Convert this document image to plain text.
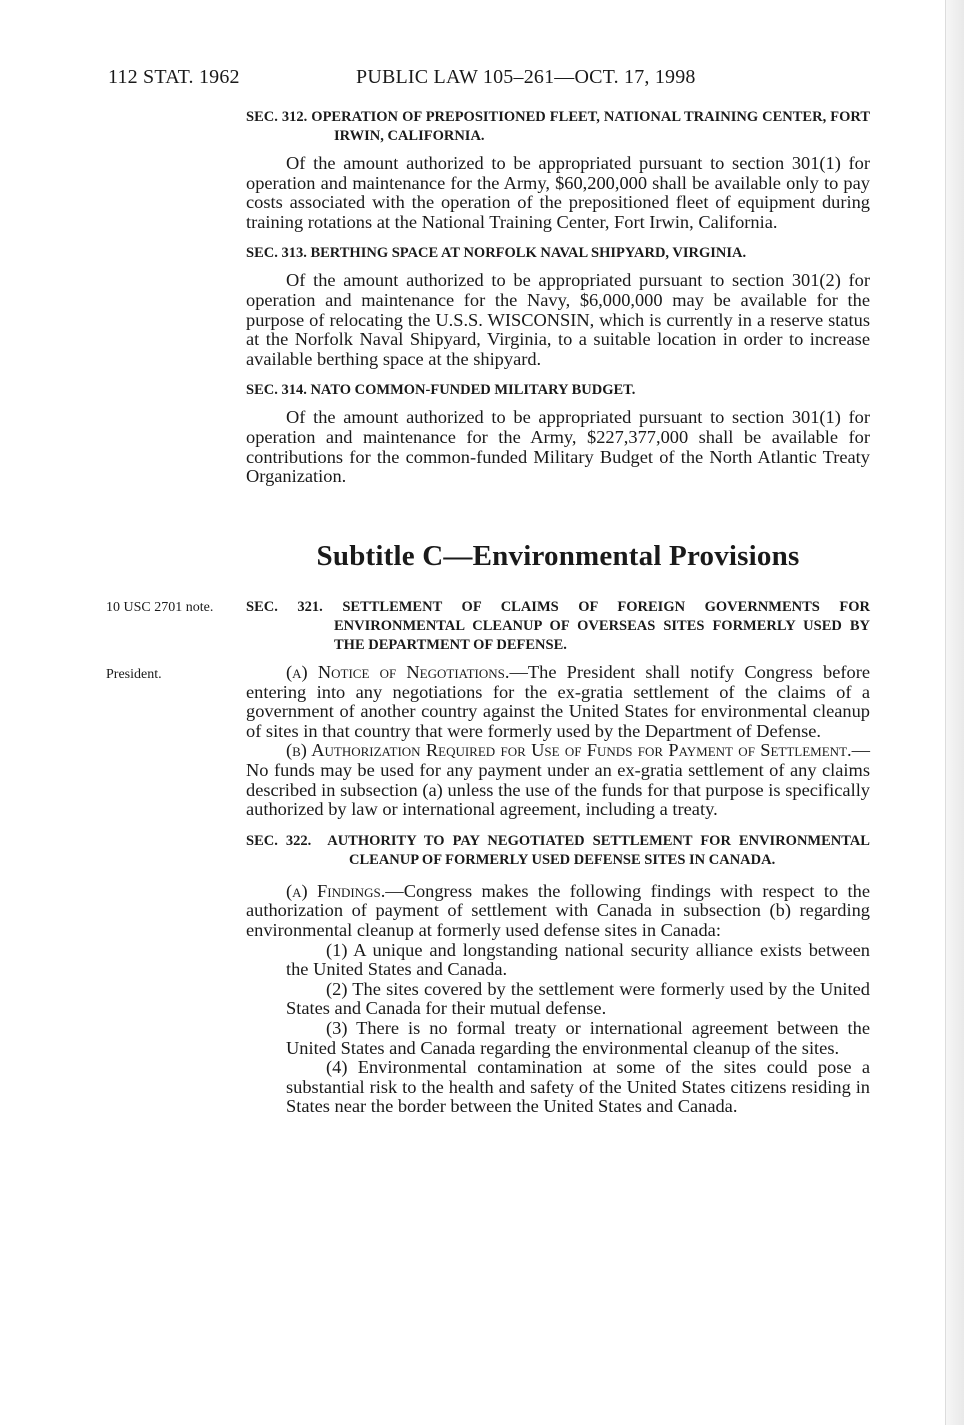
112 STAT. 1962	PUBLIC LAW 105–261—OCT. 17, 1998

SEC. 312. OPERATION OF PREPOSITIONED FLEET, NATIONAL TRAINING CENTER, FORT IRWIN, CALIFORNIA.

Of the amount authorized to be appropriated pursuant to section 301(1) for operation and maintenance for the Army, $60,200,000 shall be available only to pay costs associated with the operation of the prepositioned fleet of equipment during training rotations at the National Training Center, Fort Irwin, California.

SEC. 313. BERTHING SPACE AT NORFOLK NAVAL SHIPYARD, VIRGINIA.

Of the amount authorized to be appropriated pursuant to section 301(2) for operation and maintenance for the Navy, $6,000,000 may be available for the purpose of relocating the U.S.S. WISCONSIN, which is currently in a reserve status at the Norfolk Naval Shipyard, Virginia, to a suitable location in order to increase available berthing space at the shipyard.

SEC. 314. NATO COMMON-FUNDED MILITARY BUDGET.

Of the amount authorized to be appropriated pursuant to section 301(1) for operation and maintenance for the Army, $227,377,000 shall be available for contributions for the common-funded Military Budget of the North Atlantic Treaty Organization.

Subtitle C—Environmental Provisions
10 USC 2701 note.
President.

SEC. 321. SETTLEMENT OF CLAIMS OF FOREIGN GOVERNMENTS FOR ENVIRONMENTAL CLEANUP OF OVERSEAS SITES FORMERLY USED BY THE DEPARTMENT OF DEFENSE.

(a) Notice of Negotiations.—The President shall notify Congress before entering into any negotiations for the ex-gratia settlement of the claims of a government of another country against the United States for environmental cleanup of sites in that country that were formerly used by the Department of Defense.

(b) Authorization Required for Use of Funds for Payment of Settlement.—No funds may be used for any payment under an ex-gratia settlement of any claims described in subsection (a) unless the use of the funds for that purpose is specifically authorized by law or international agreement, including a treaty.

SEC. 322. AUTHORITY TO PAY NEGOTIATED SETTLEMENT FOR ENVIRONMENTAL CLEANUP OF FORMERLY USED DEFENSE SITES IN CANADA.

(a) Findings.—Congress makes the following findings with respect to the authorization of payment of settlement with Canada in subsection (b) regarding environmental cleanup at formerly used defense sites in Canada:

(1) A unique and longstanding national security alliance exists between the United States and Canada.

(2) The sites covered by the settlement were formerly used by the United States and Canada for their mutual defense.

(3) There is no formal treaty or international agreement between the United States and Canada regarding the environmental cleanup of the sites.

(4) Environmental contamination at some of the sites could pose a substantial risk to the health and safety of the United States citizens residing in States near the border between the United States and Canada.
